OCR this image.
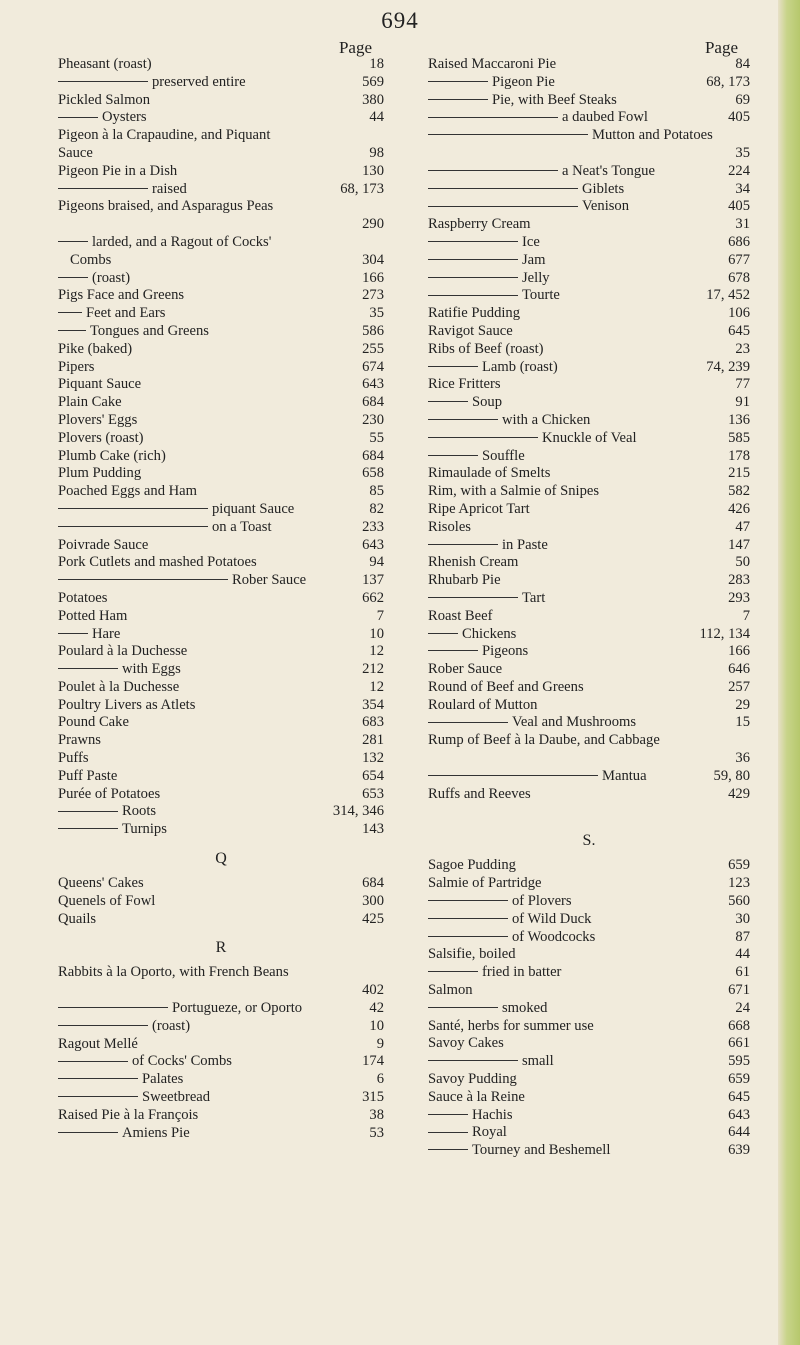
694
Page
Pheasant (roast)	18
preserved entire	569
Pickled Salmon	380
Oysters	44
Pigeon à la Crapaudine, and Piquant
Sauce	98
Pigeon Pie in a Dish	130
raised	68, 173
Pigeons braised, and Asparagus Peas
290
larded, and a Ragout of Cocks'
Combs	304
(roast)	166
Pigs Face and Greens	273
Feet and Ears	35
Tongues and Greens	586
Pike (baked)	255
Pipers	674
Piquant Sauce	643
Plain Cake	684
Plovers' Eggs	230
Plovers (roast)	55
Plumb Cake (rich)	684
Plum Pudding	658
Poached Eggs and Ham	85
piquant Sauce	82
on a Toast	233
Poivrade Sauce	643
Pork Cutlets and mashed Potatoes	94
Rober Sauce	137
Potatoes	662
Potted Ham	7
Hare	10
Poulard à la Duchesse	12
with Eggs	212
Poulet à la Duchesse	12
Poultry Livers as Atlets	354
Pound Cake	683
Prawns	281
Puffs	132
Puff Paste	654
Purée of Potatoes	653
Roots	314, 346
Turnips	143
Q
Queens' Cakes	684
Quenels of Fowl	300
Quails	425
R
Rabbits à la Oporto, with French Beans
402
Portugueze, or Oporto	42
(roast)	10
Ragout Mellé	9
of Cocks' Combs	174
Palates	6
Sweetbread	315
Raised Pie à la François	38
Amiens Pie	53
Page
Raised Maccaroni Pie	84
Pigeon Pie	68, 173
Pie, with Beef Steaks	69
a daubed Fowl	405
Mutton and Potatoes
35
a Neat's Tongue	224
Giblets	34
Venison	405
Raspberry Cream	31
Ice	686
Jam	677
Jelly	678
Tourte	17, 452
Ratifie Pudding	106
Ravigot Sauce	645
Ribs of Beef (roast)	23
Lamb (roast)	74, 239
Rice Fritters	77
Soup	91
with a Chicken	136
Knuckle of Veal	585
Souffle	178
Rimaulade of Smelts	215
Rim, with a Salmie of Snipes	582
Ripe Apricot Tart	426
Risoles	47
in Paste	147
Rhenish Cream	50
Rhubarb Pie	283
Tart	293
Roast Beef	7
Chickens	112, 134
Pigeons	166
Rober Sauce	646
Round of Beef and Greens	257
Roulard of Mutton	29
Veal and Mushrooms	15
Rump of Beef à la Daube, and Cabbage
36
Mantua	59, 80
Ruffs and Reeves	429
S.
Sagoe Pudding	659
Salmie of Partridge	123
of Plovers	560
of Wild Duck	30
of Woodcocks	87
Salsifie, boiled	44
fried in batter	61
Salmon	671
smoked	24
Santé, herbs for summer use	668
Savoy Cakes	661
small	595
Savoy Pudding	659
Sauce à la Reine	645
Hachis	643
Royal	644
Tourney and Beshemell	639
